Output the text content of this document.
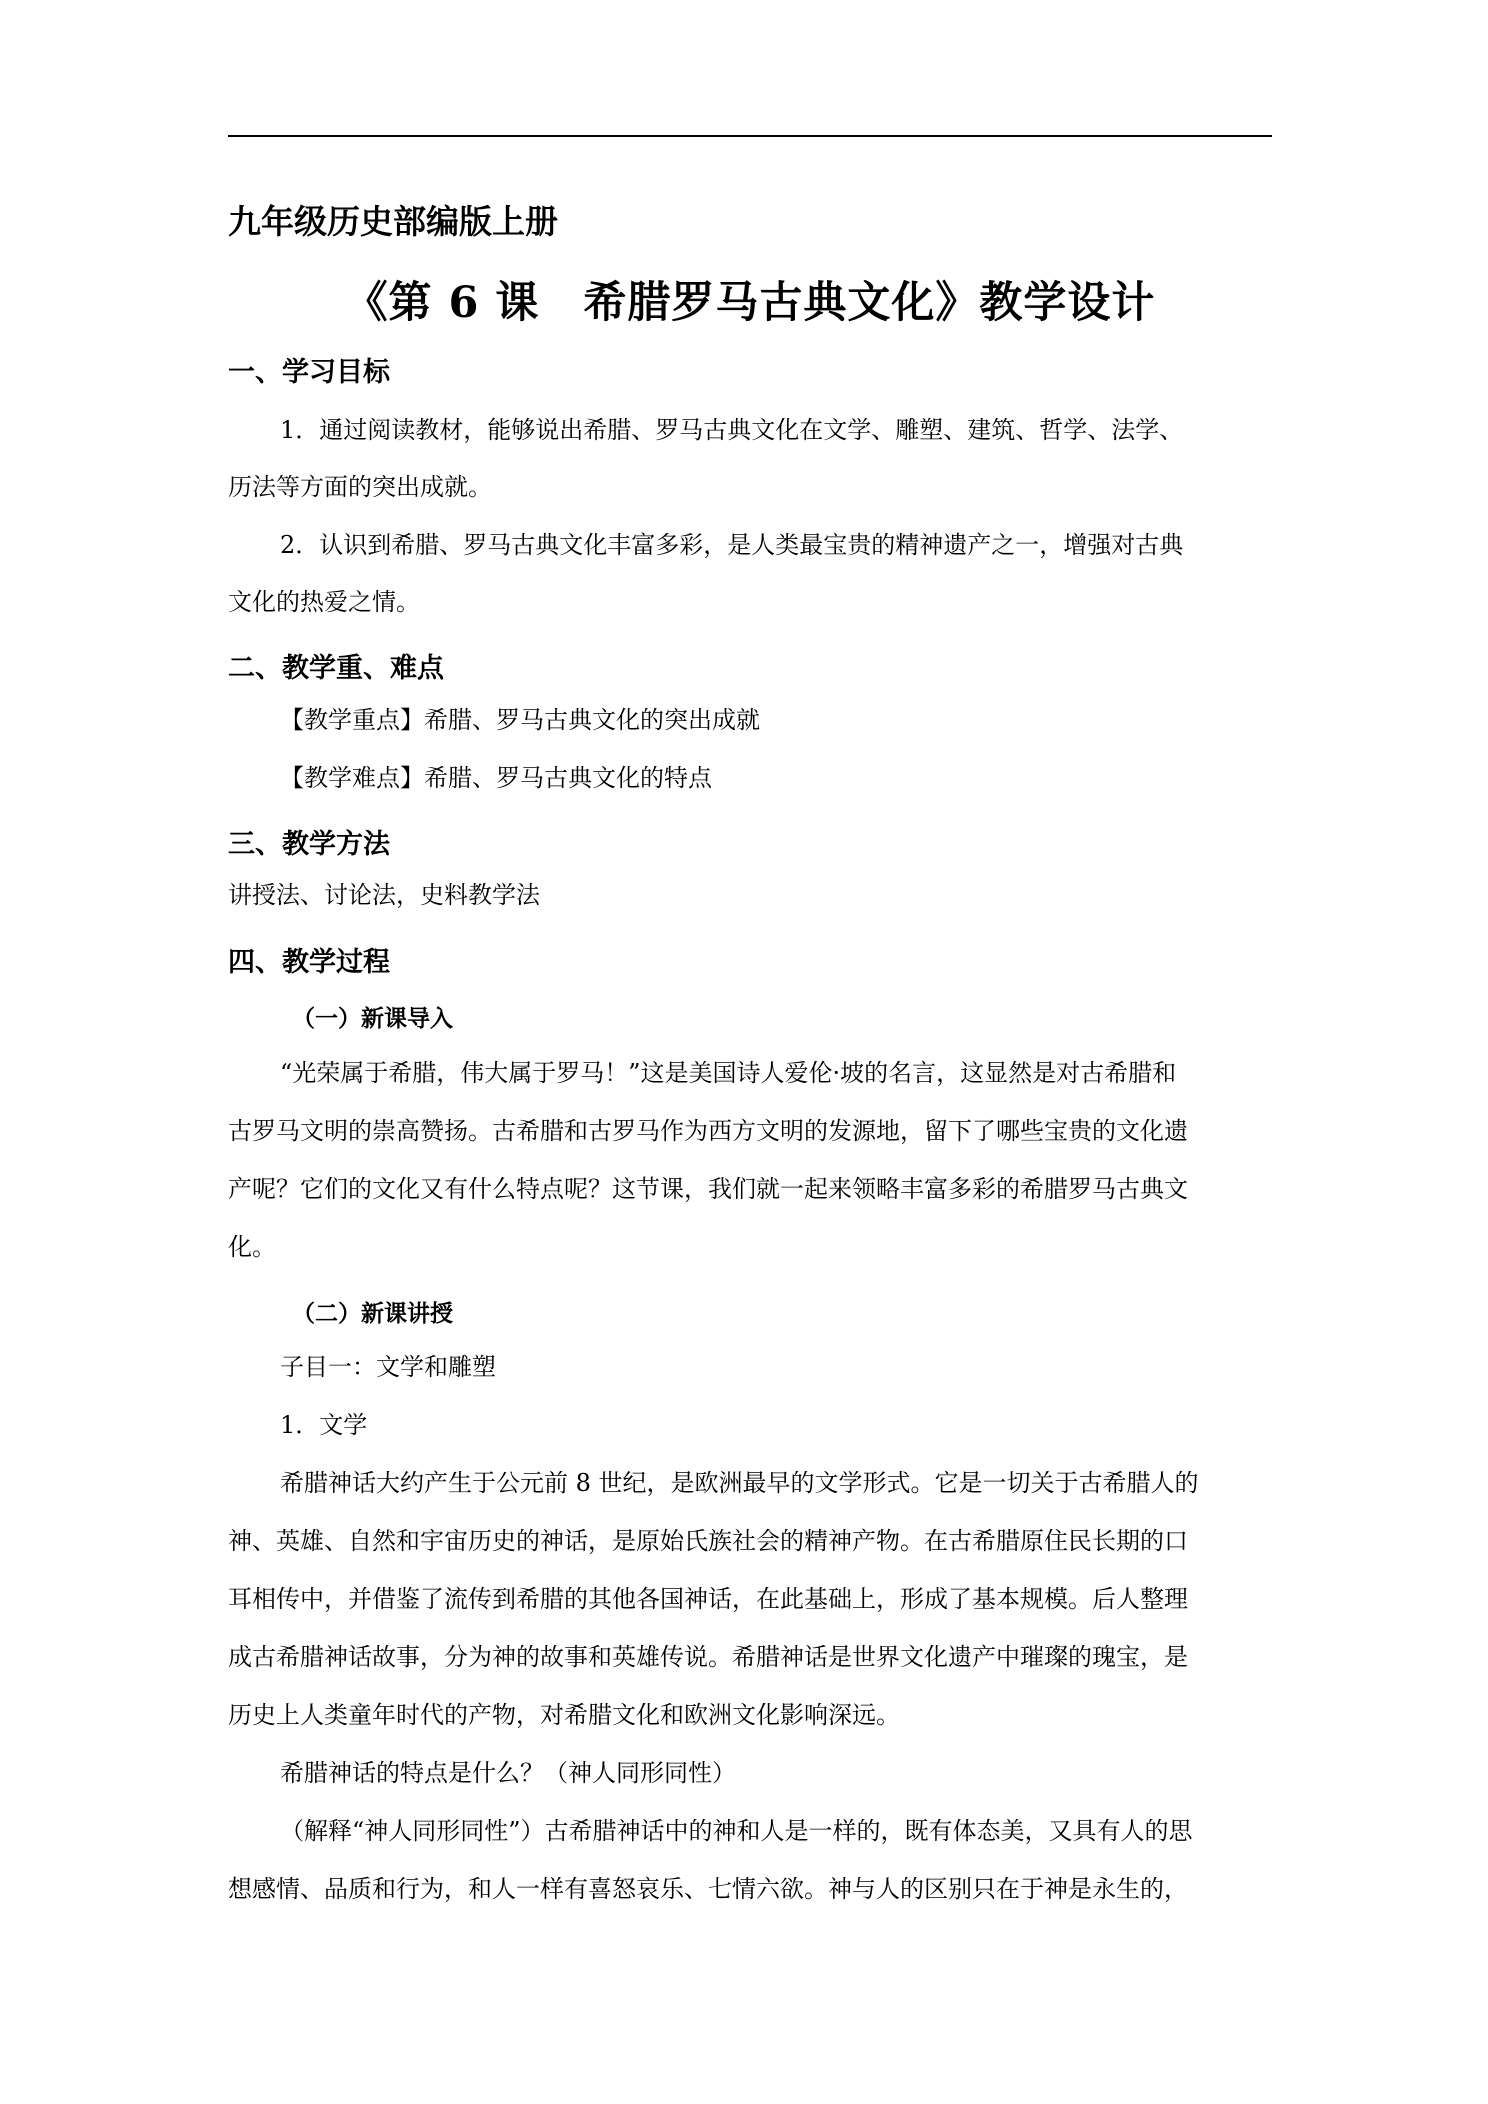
九年级历史部编版上册

《第 6 课　希腊罗马古典文化》教学设计

一、学习目标

1．通过阅读教材，能够说出希腊、罗马古典文化在文学、雕塑、建筑、哲学、法学、

历法等方面的突出成就。

2．认识到希腊、罗马古典文化丰富多彩，是人类最宝贵的精神遗产之一，增强对古典

文化的热爱之情。

二、教学重、难点

【教学重点】希腊、罗马古典文化的突出成就

【教学难点】希腊、罗马古典文化的特点

三、教学方法

讲授法、讨论法，史料教学法

四、教学过程

（一）新课导入

“光荣属于希腊，伟大属于罗马！”这是美国诗人爱伦·坡的名言，这显然是对古希腊和

古罗马文明的崇高赞扬。古希腊和古罗马作为西方文明的发源地，留下了哪些宝贵的文化遗

产呢？它们的文化又有什么特点呢？这节课，我们就一起来领略丰富多彩的希腊罗马古典文

化。

（二）新课讲授

子目一：文学和雕塑

1．文学

希腊神话大约产生于公元前 8 世纪，是欧洲最早的文学形式。它是一切关于古希腊人的

神、英雄、自然和宇宙历史的神话，是原始氏族社会的精神产物。在古希腊原住民长期的口

耳相传中，并借鉴了流传到希腊的其他各国神话，在此基础上，形成了基本规模。后人整理

成古希腊神话故事，分为神的故事和英雄传说。希腊神话是世界文化遗产中璀璨的瑰宝，是

历史上人类童年时代的产物，对希腊文化和欧洲文化影响深远。

希腊神话的特点是什么？（神人同形同性）

（解释“神人同形同性”）古希腊神话中的神和人是一样的，既有体态美，又具有人的思

想感情、品质和行为，和人一样有喜怒哀乐、七情六欲。神与人的区别只在于神是永生的，
